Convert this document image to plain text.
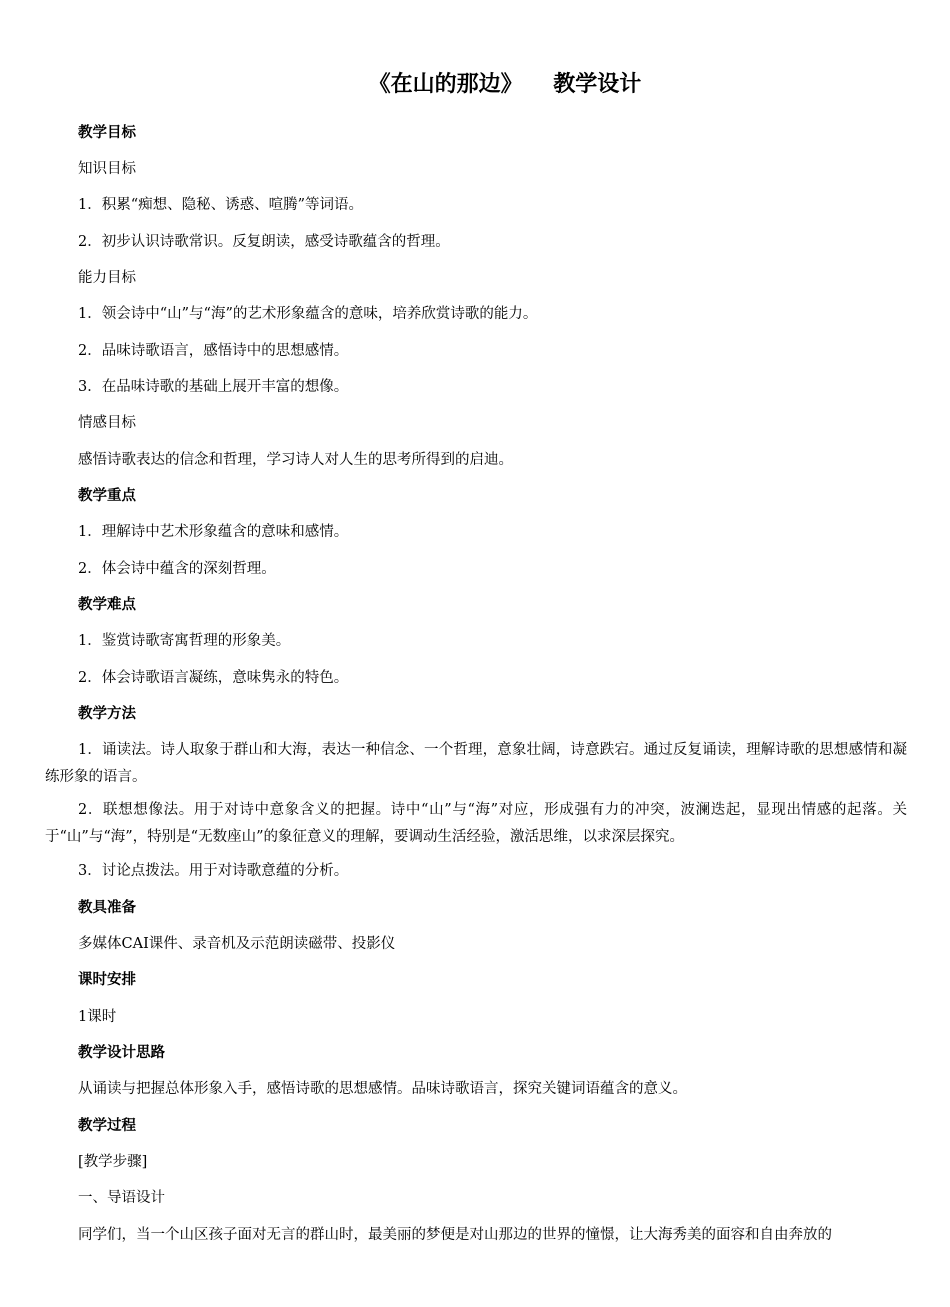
《在山的那边》    教学设计
教学目标
知识目标
1．积累“痴想、隐秘、诱惑、喧腾”等词语。
2．初步认识诗歌常识。反复朗读，感受诗歌蕴含的哲理。
能力目标
1．领会诗中“山”与“海”的艺术形象蕴含的意味，培养欣赏诗歌的能力。
2．品味诗歌语言，感悟诗中的思想感情。
3．在品味诗歌的基础上展开丰富的想像。
情感目标
感悟诗歌表达的信念和哲理，学习诗人对人生的思考所得到的启迪。
教学重点
1．理解诗中艺术形象蕴含的意味和感情。
2．体会诗中蕴含的深刻哲理。
教学难点
1．鉴赏诗歌寄寓哲理的形象美。
2．体会诗歌语言凝练，意味隽永的特色。
教学方法
1．诵读法。诗人取象于群山和大海，表达一种信念、一个哲理，意象壮阔，诗意跌宕。通过反复诵读，理解诗歌的思想感情和凝练形象的语言。
2．联想想像法。用于对诗中意象含义的把握。诗中“山”与“海”对应，形成强有力的冲突，波澜迭起，显现出情感的起落。关于“山”与“海”，特别是“无数座山”的象征意义的理解，要调动生活经验，激活思维，以求深层探究。
3．讨论点拨法。用于对诗歌意蕴的分析。
教具准备
多媒体CAI课件、录音机及示范朗读磁带、投影仪
课时安排
1课时
教学设计思路
从诵读与把握总体形象入手，感悟诗歌的思想感情。品味诗歌语言，探究关键词语蕴含的意义。
教学过程
[教学步骤]
一、导语设计
同学们，当一个山区孩子面对无言的群山时，最美丽的梦便是对山那边的世界的憧憬，让大海秀美的面容和自由奔放的
